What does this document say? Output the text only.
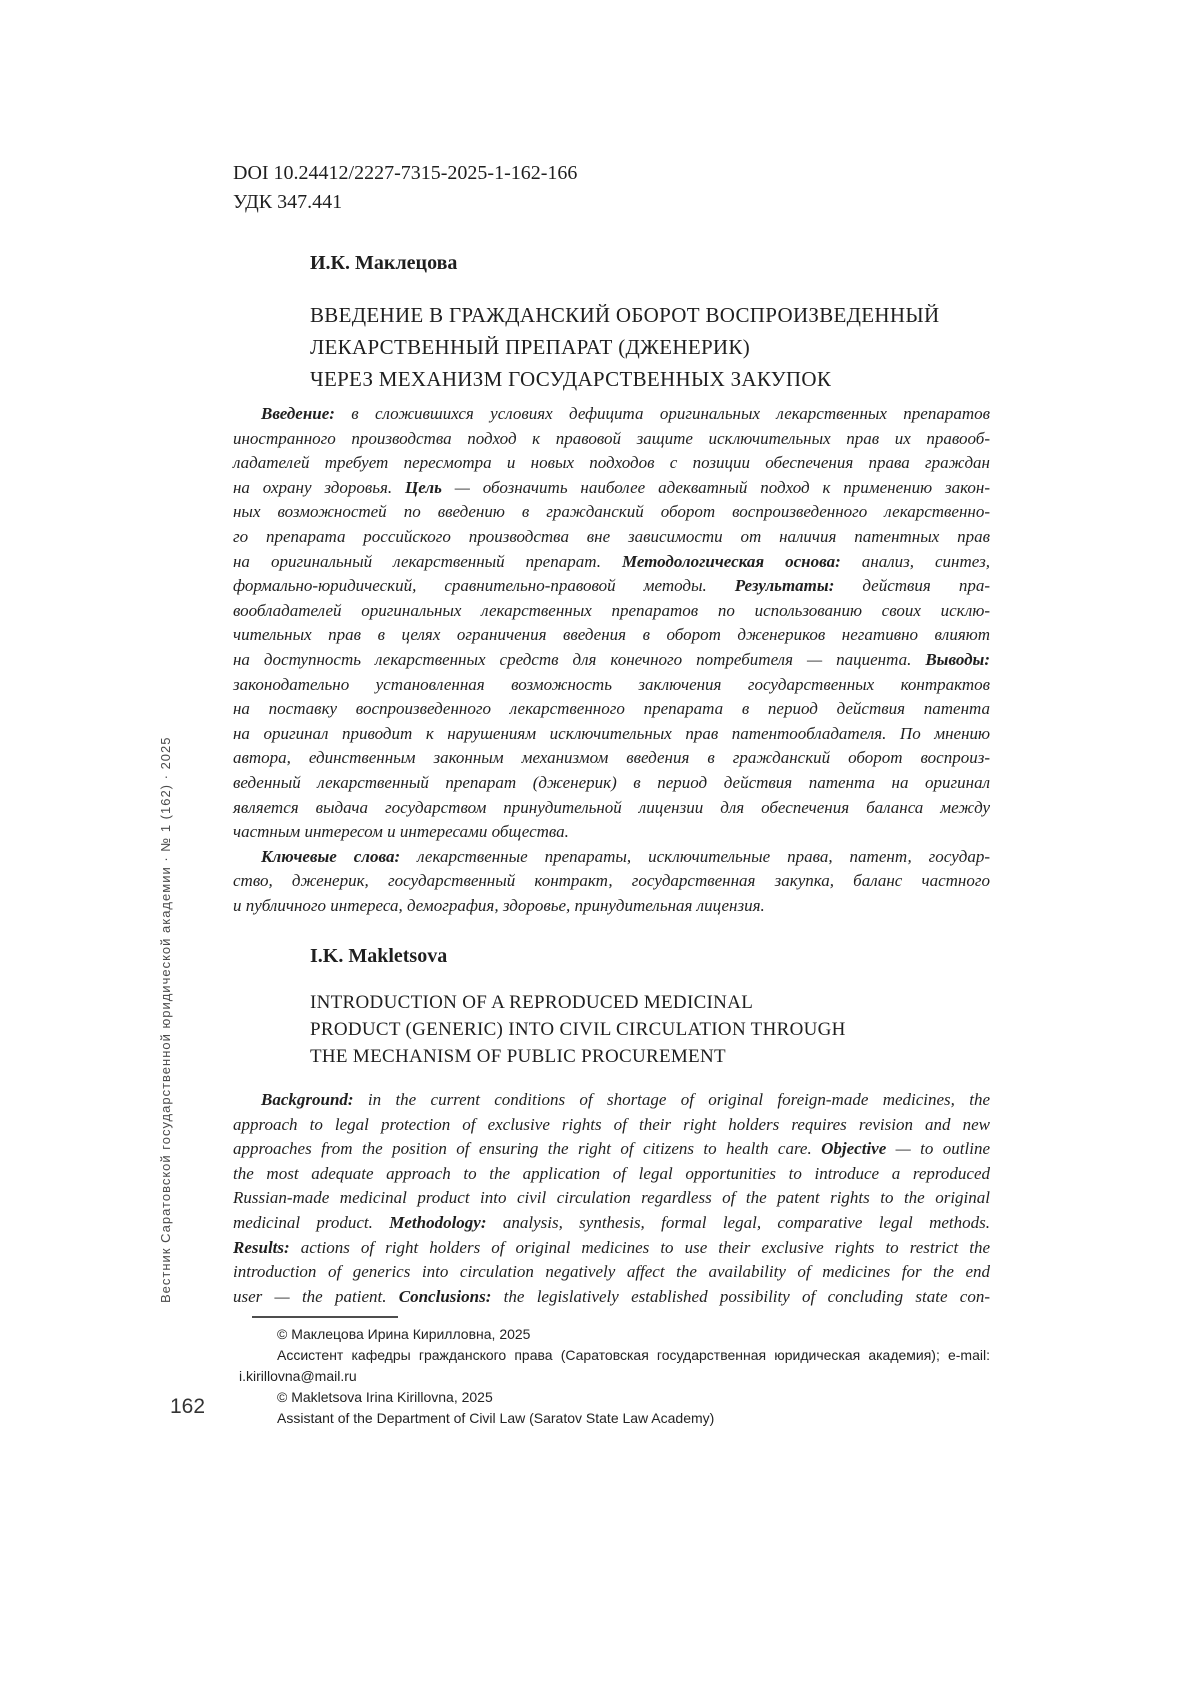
Вестник Саратовской государственной юридической академии · № 1 (162) · 2025
DOI 10.24412/2227-7315-2025-1-162-166
УДК 347.441
И.К. Маклецова
ВВЕДЕНИЕ В ГРАЖДАНСКИЙ ОБОРОТ ВОСПРОИЗВЕДЕННЫЙ
ЛЕКАРСТВЕННЫЙ ПРЕПАРАТ (ДЖЕНЕРИК)
ЧЕРЕЗ МЕХАНИЗМ ГОСУДАРСТВЕННЫХ ЗАКУПОК
Введение: в сложившихся условиях дефицита оригинальных лекарственных препаратов
иностранного производства подход к правовой защите исключительных прав их правооб-
ладателей требует пересмотра и новых подходов с позиции обеспечения права граждан
на охрану здоровья. Цель — обозначить наиболее адекватный подход к применению закон-
ных возможностей по введению в гражданский оборот воспроизведенного лекарственно-
го препарата российского производства вне зависимости от наличия патентных прав
на оригинальный лекарственный препарат. Методологическая основа: анализ, синтез,
формально-юридический, сравнительно-правовой методы. Результаты: действия пра-
вообладателей оригинальных лекарственных препаратов по использованию своих исклю-
чительных прав в целях ограничения введения в оборот дженериков негативно влияют
на доступность лекарственных средств для конечного потребителя — пациента. Выводы:
законодательно установленная возможность заключения государственных контрактов
на поставку воспроизведенного лекарственного препарата в период действия патента
на оригинал приводит к нарушениям исключительных прав патентообладателя. По мнению
автора, единственным законным механизмом введения в гражданский оборот воспроиз-
веденный лекарственный препарат (дженерик) в период действия патента на оригинал
является выдача государством принудительной лицензии для обеспечения баланса между
частным интересом и интересами общества.
Ключевые слова: лекарственные препараты, исключительные права, патент, государ-
ство, дженерик, государственный контракт, государственная закупка, баланс частного
и публичного интереса, демография, здоровье, принудительная лицензия.
I.K. Makletsova
INTRODUCTION OF A REPRODUCED MEDICINAL
PRODUCT (GENERIC) INTO CIVIL CIRCULATION THROUGH
THE MECHANISM OF PUBLIC PROCUREMENT
Background: in the current conditions of shortage of original foreign-made medicines, the
approach to legal protection of exclusive rights of their right holders requires revision and new
approaches from the position of ensuring the right of citizens to health care. Objective — to outline
the most adequate approach to the application of legal opportunities to introduce a reproduced
Russian-made medicinal product into civil circulation regardless of the patent rights to the original
medicinal product. Methodology: analysis, synthesis, formal legal, comparative legal methods.
Results: actions of right holders of original medicines to use their exclusive rights to restrict the
introduction of generics into circulation negatively affect the availability of medicines for the end
user — the patient. Conclusions: the legislatively established possibility of concluding state con-
© Маклецова Ирина Кирилловна, 2025
Ассистент кафедры гражданского права (Саратовская государственная юридическая академия); e-mail:
i.kirillovna@mail.ru
© Makletsova Irina Kirillovna, 2025
Assistant of the Department of Civil Law (Saratov State Law Academy)
162
